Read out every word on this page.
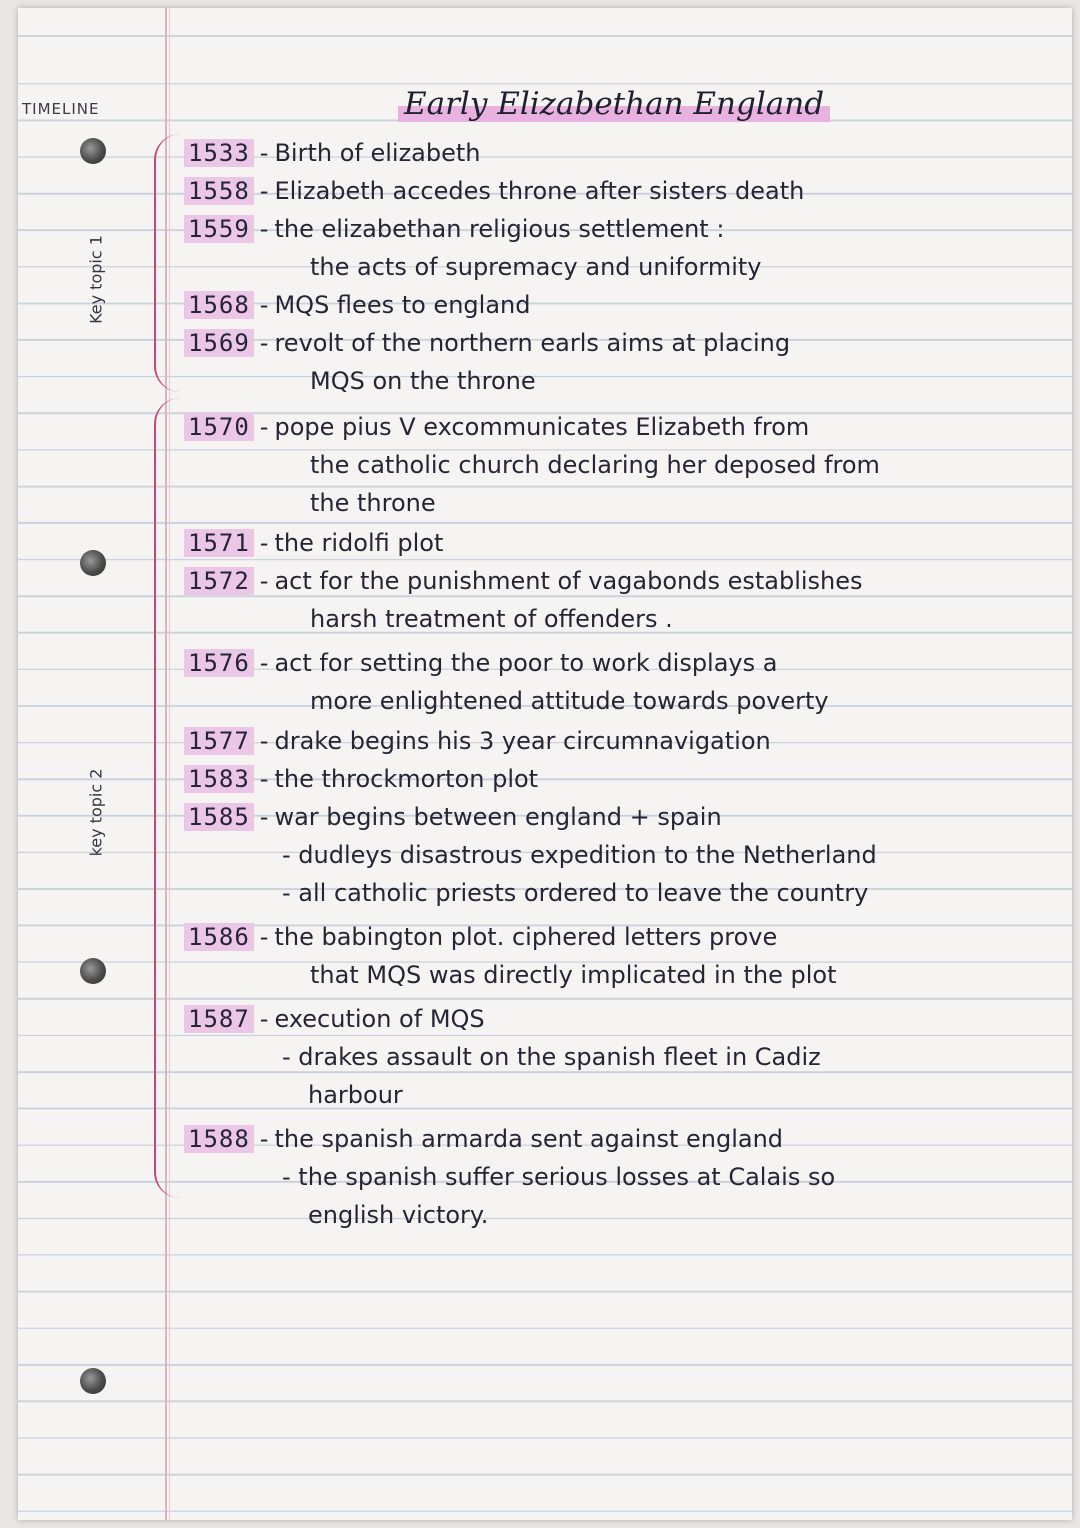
TIMELINE
Key topic 1
key topic 2
Early Elizabethan England
1533 - Birth of elizabeth
1558 - Elizabeth accedes throne after sisters death
1559 - the elizabethan religious settlement :
the acts of supremacy and uniformity
1568 - MQS flees to england
1569 - revolt of the northern earls aims at placing
MQS on the throne
1570 - pope pius V excommunicates Elizabeth from
the catholic church declaring her deposed from
the throne
1571 - the ridolfi plot
1572 - act for the punishment of vagabonds establishes
harsh treatment of offenders .
1576 - act for setting the poor to work displays a
more enlightened attitude towards poverty
1577 - drake begins his 3 year circumnavigation
1583 - the throckmorton plot
1585 - war begins between england + spain
- dudleys disastrous expedition to the Netherland
- all catholic priests ordered to leave the country
1586 - the babington plot. ciphered letters prove
that MQS was directly implicated in the plot
1587 - execution of MQS
- drakes assault on the spanish fleet in Cadiz
harbour
1588 - the spanish armarda sent against england
- the spanish suffer serious losses at Calais so
english victory.
